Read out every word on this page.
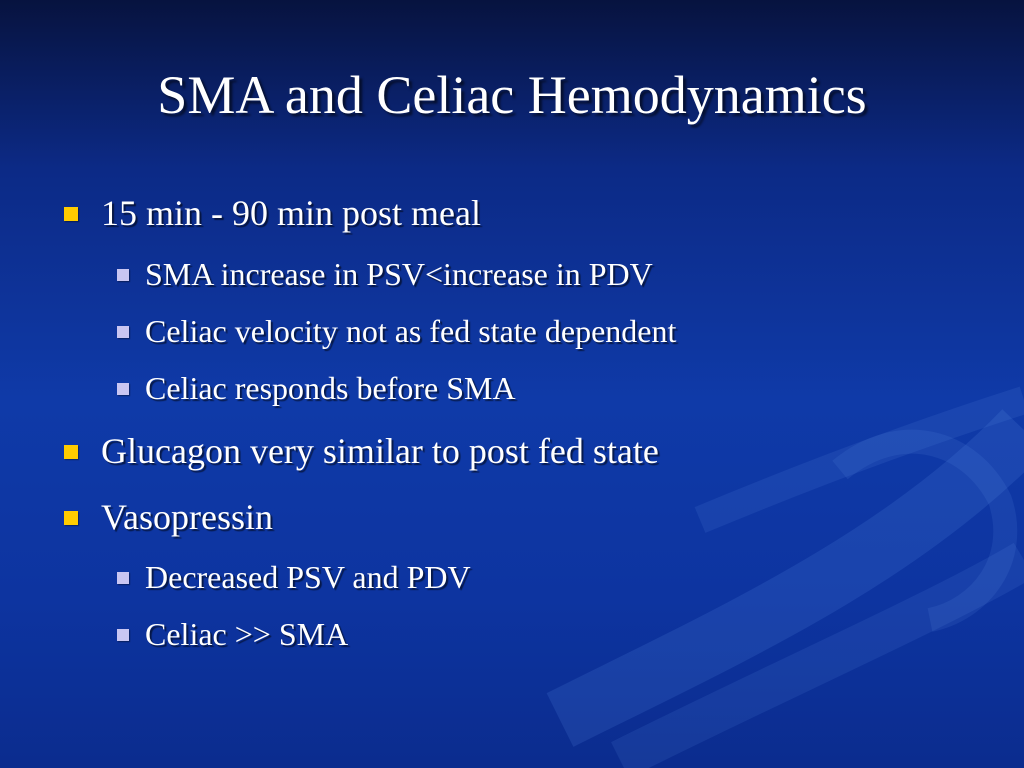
SMA and Celiac Hemodynamics
15 min - 90 min post meal
SMA increase in PSV<increase in PDV
Celiac velocity not as fed state dependent
Celiac responds before SMA
Glucagon very similar to post fed state
Vasopressin
Decreased PSV and PDV
Celiac >> SMA
